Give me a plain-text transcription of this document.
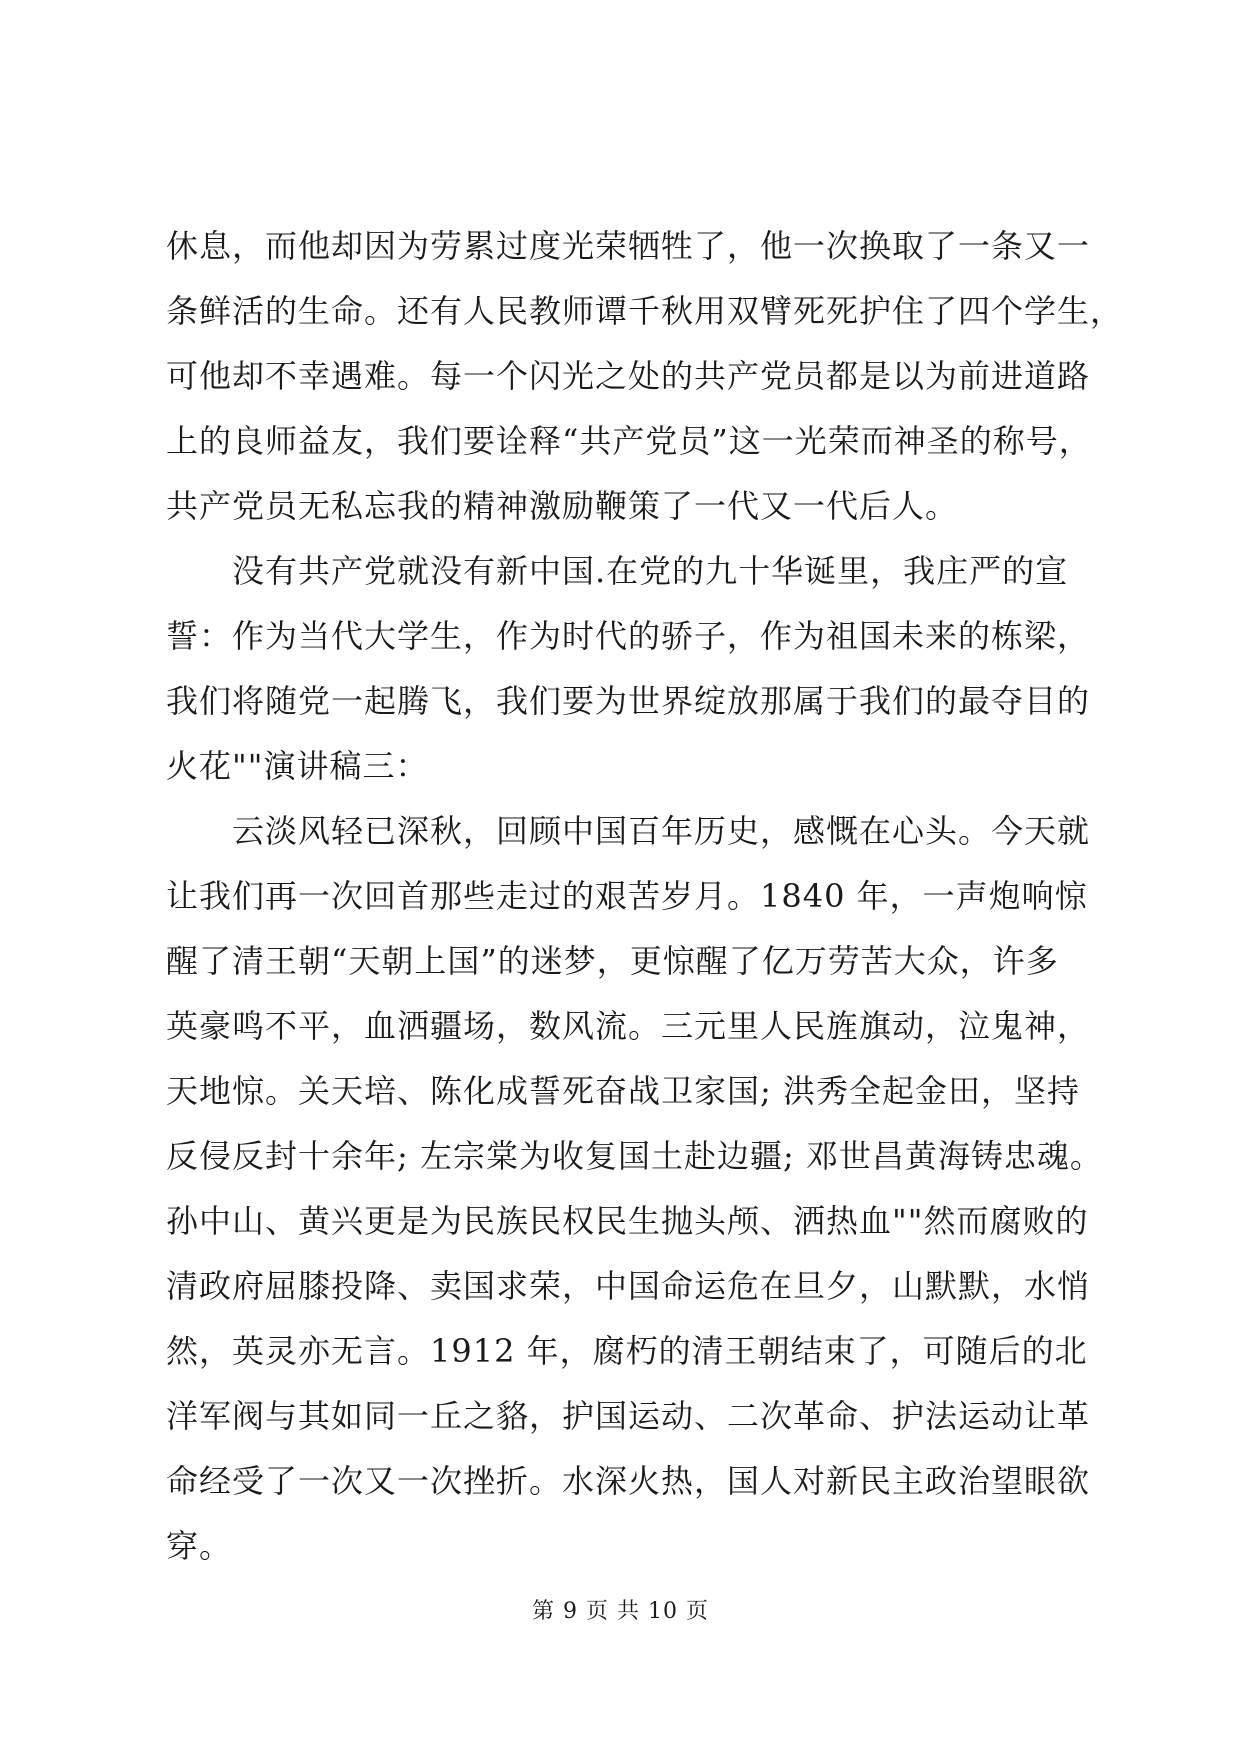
休息，而他却因为劳累过度光荣牺牲了，他一次换取了一条又一
条鲜活的生命。还有人民教师谭千秋用双臂死死护住了四个学生，
可他却不幸遇难。每一个闪光之处的共产党员都是以为前进道路
上的良师益友，我们要诠释“共产党员”这一光荣而神圣的称号，
共产党员无私忘我的精神激励鞭策了一代又一代后人。
　　没有共产党就没有新中国.在党的九十华诞里，我庄严的宣
誓：作为当代大学生，作为时代的骄子，作为祖国未来的栋梁，
我们将随党一起腾飞，我们要为世界绽放那属于我们的最夺目的
火花""演讲稿三：
　　云淡风轻已深秋，回顾中国百年历史，感慨在心头。今天就
让我们再一次回首那些走过的艰苦岁月。1840 年，一声炮响惊
醒了清王朝“天朝上国”的迷梦，更惊醒了亿万劳苦大众，许多
英豪鸣不平，血洒疆场，数风流。三元里人民旌旗动，泣鬼神，
天地惊。关天培、陈化成誓死奋战卫家国; 洪秀全起金田，坚持
反侵反封十余年; 左宗棠为收复国土赴边疆; 邓世昌黄海铸忠魂。
孙中山、黄兴更是为民族民权民生抛头颅、洒热血""然而腐败的
清政府屈膝投降、卖国求荣，中国命运危在旦夕，山默默，水悄
然，英灵亦无言。1912 年，腐朽的清王朝结束了，可随后的北
洋军阀与其如同一丘之貉，护国运动、二次革命、护法运动让革
命经受了一次又一次挫折。水深火热，国人对新民主政治望眼欲
穿。
第 9 页 共 10 页
